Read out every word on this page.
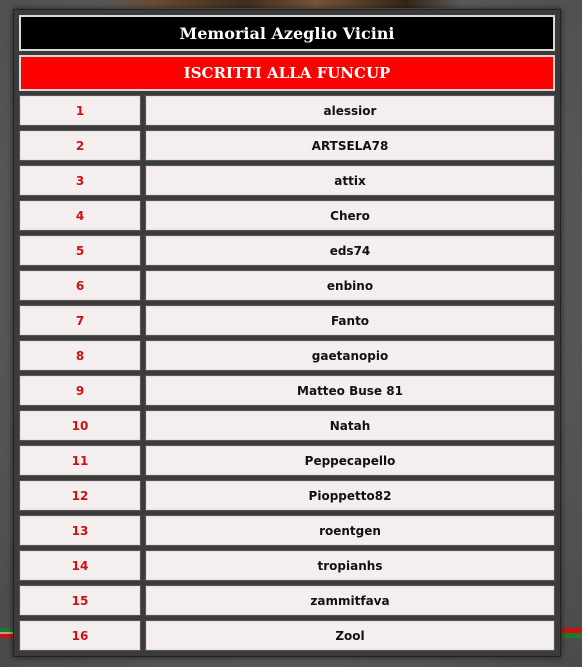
Memorial Azeglio Vicini
ISCRITTI ALLA FUNCUP
1	alessior
2	ARTSELA78
3	attix
4	Chero
5	eds74
6	enbino
7	Fanto
8	gaetanopio
9	Matteo Buse 81
10	Natah
11	Peppecapello
12	Pioppetto82
13	roentgen
14	tropianhs
15	zammitfava
16	Zool
